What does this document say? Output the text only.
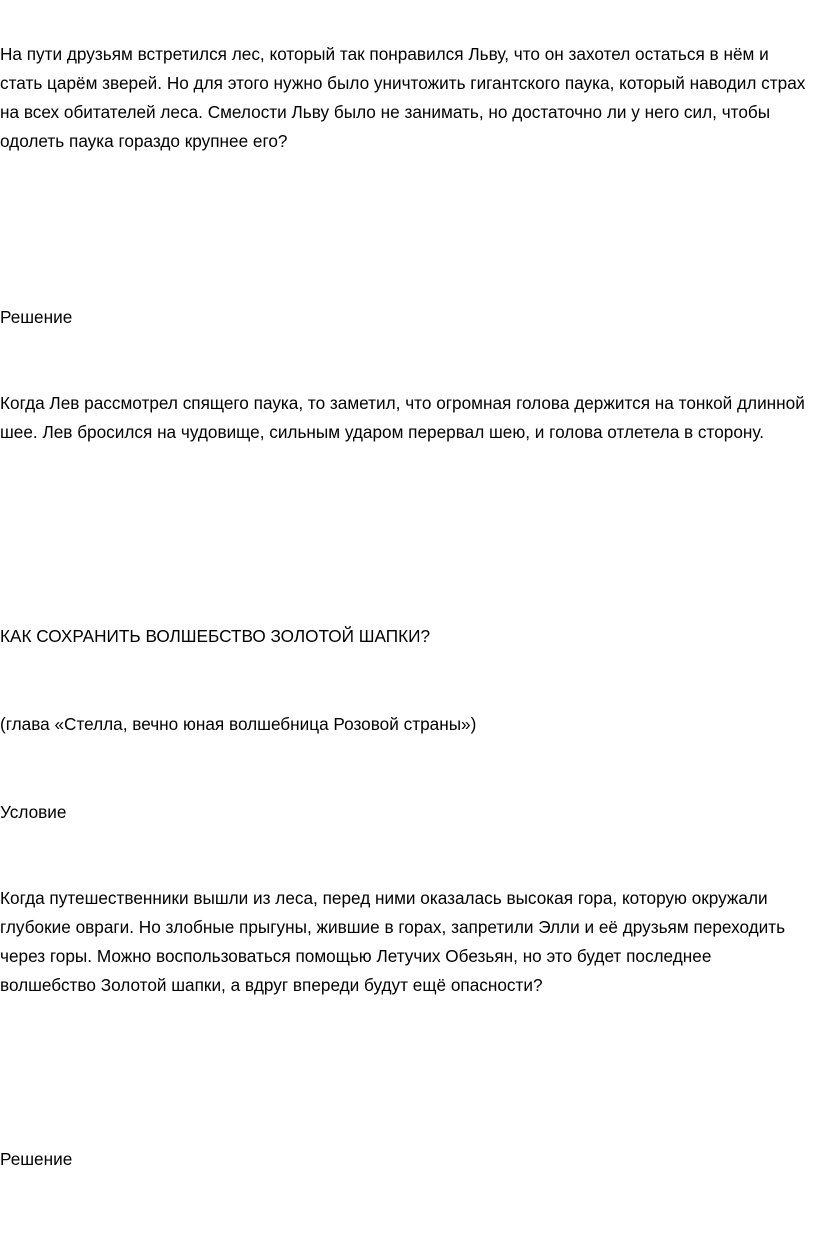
На пути друзьям встретился лес, который так понравился Льву, что он захотел остаться в нём и стать царём зверей. Но для этого нужно было уничтожить гигантского паука, который наводил страх на всех обитателей леса. Смелости Льву было не занимать, но достаточно ли у него сил, чтобы одолеть паука гораздо крупнее его?

Решение

Когда Лев рассмотрел спящего паука, то заметил, что огромная голова держится на тонкой длинной шее. Лев бросился на чудовище, сильным ударом перервал шею, и голова отлетела в сторону.

КАК СОХРАНИТЬ ВОЛШЕБСТВО ЗОЛОТОЙ ШАПКИ?

(глава «Стелла, вечно юная волшебница Розовой страны»)

Условие

Когда путешественники вышли из леса, перед ними оказалась высокая гора, которую окружали глубокие овраги. Но злобные прыгуны, жившие в горах, запретили Элли и её друзьям переходить через горы. Можно воспользоваться помощью Летучих Обезьян, но это будет последнее волшебство Золотой шапки, а вдруг впереди будут ещё опасности?

Решение
